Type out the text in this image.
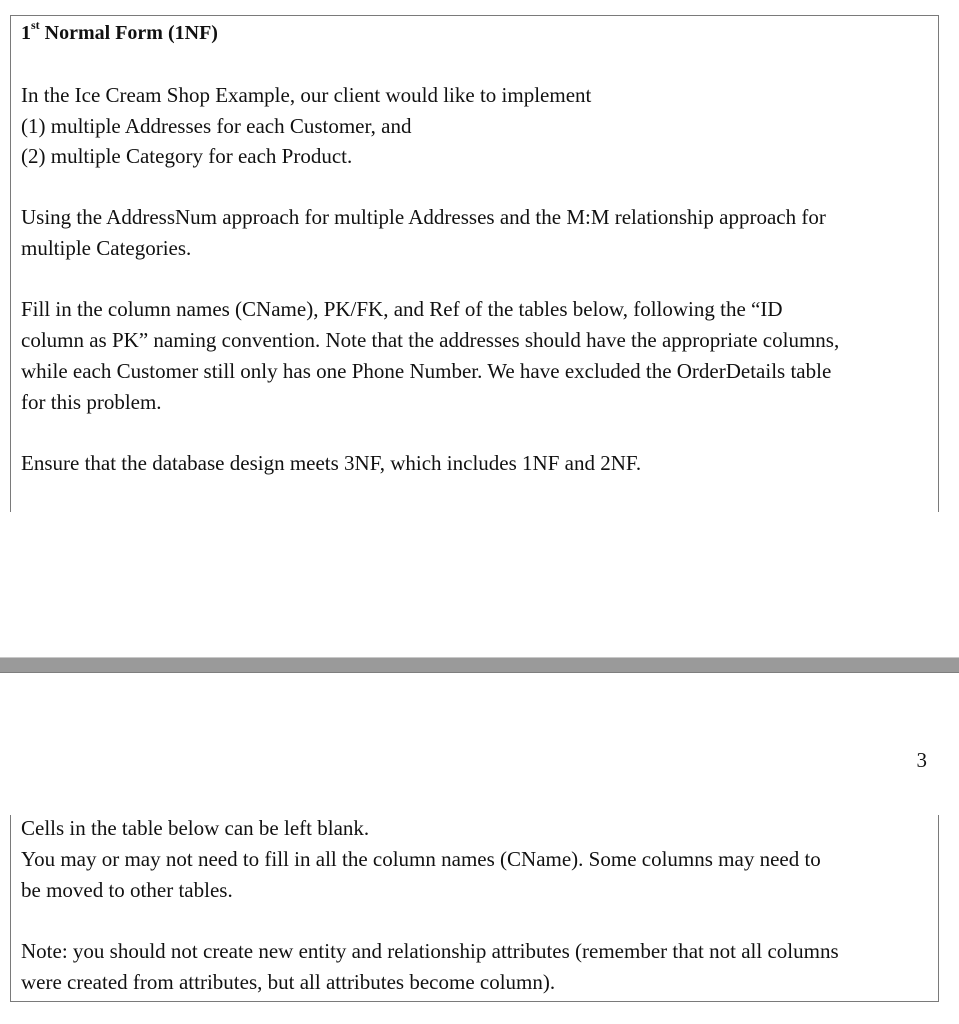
1st Normal Form (1NF)

In the Ice Cream Shop Example, our client would like to implement

(1) multiple Addresses for each Customer, and

(2) multiple Category for each Product.

Using the AddressNum approach for multiple Addresses and the M:M relationship approach for

multiple Categories.

Fill in the column names (CName), PK/FK, and Ref of the tables below, following the “ID

column as PK” naming convention. Note that the addresses should have the appropriate columns,

while each Customer still only has one Phone Number. We have excluded the OrderDetails table

for this problem.

Ensure that the database design meets 3NF, which includes 1NF and 2NF.

3

Cells in the table below can be left blank.

You may or may not need to fill in all the column names (CName). Some columns may need to

be moved to other tables.

Note: you should not create new entity and relationship attributes (remember that not all columns

were created from attributes, but all attributes become column).
